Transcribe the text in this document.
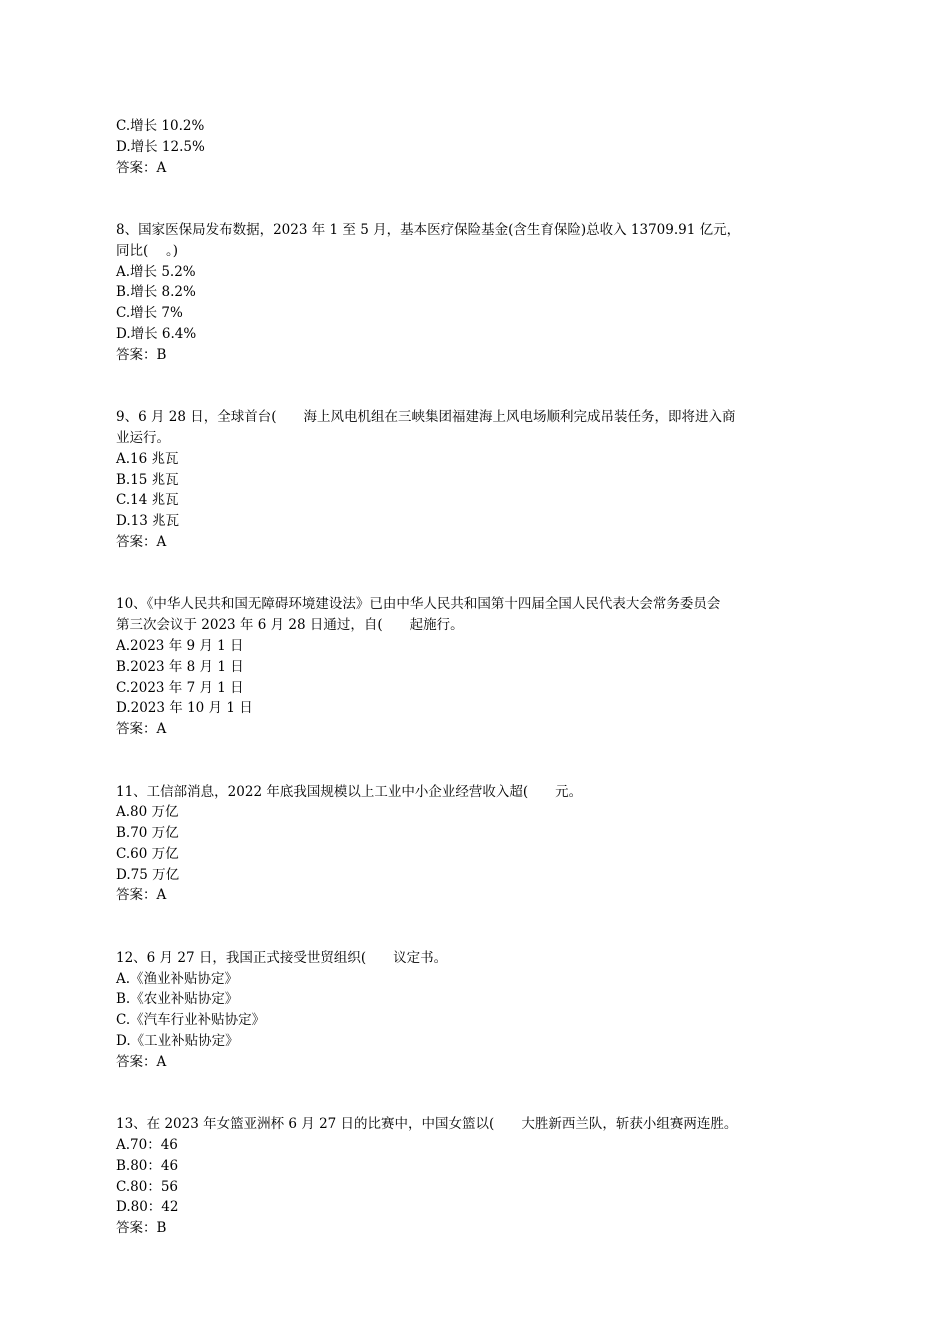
C.增长 10.2%
D.增长 12.5%
答案：A
8、国家医保局发布数据，2023 年 1 至 5 月，基本医疗保险基金(含生育保险)总收入 13709.91 亿元，
同比(　 。)
A.增长 5.2%
B.增长 8.2%
C.增长 7%
D.增长 6.4%
答案：B
9、6 月 28 日，全球首台(　　海上风电机组在三峡集团福建海上风电场顺利完成吊装任务，即将进入商
业运行。
A.16 兆瓦
B.15 兆瓦
C.14 兆瓦
D.13 兆瓦
答案：A
10、《中华人民共和国无障碍环境建设法》已由中华人民共和国第十四届全国人民代表大会常务委员会
第三次会议于 2023 年 6 月 28 日通过，自(　　起施行。
A.2023 年 9 月 1 日
B.2023 年 8 月 1 日
C.2023 年 7 月 1 日
D.2023 年 10 月 1 日
答案：A
11、工信部消息，2022 年底我国规模以上工业中小企业经营收入超(　　元。
A.80 万亿
B.70 万亿
C.60 万亿
D.75 万亿
答案：A
12、6 月 27 日，我国正式接受世贸组织(　　议定书。
A.《渔业补贴协定》
B.《农业补贴协定》
C.《汽车行业补贴协定》
D.《工业补贴协定》
答案：A
13、在 2023 年女篮亚洲杯 6 月 27 日的比赛中，中国女篮以(　　大胜新西兰队，斩获小组赛两连胜。
A.70：46
B.80：46
C.80：56
D.80：42
答案：B
